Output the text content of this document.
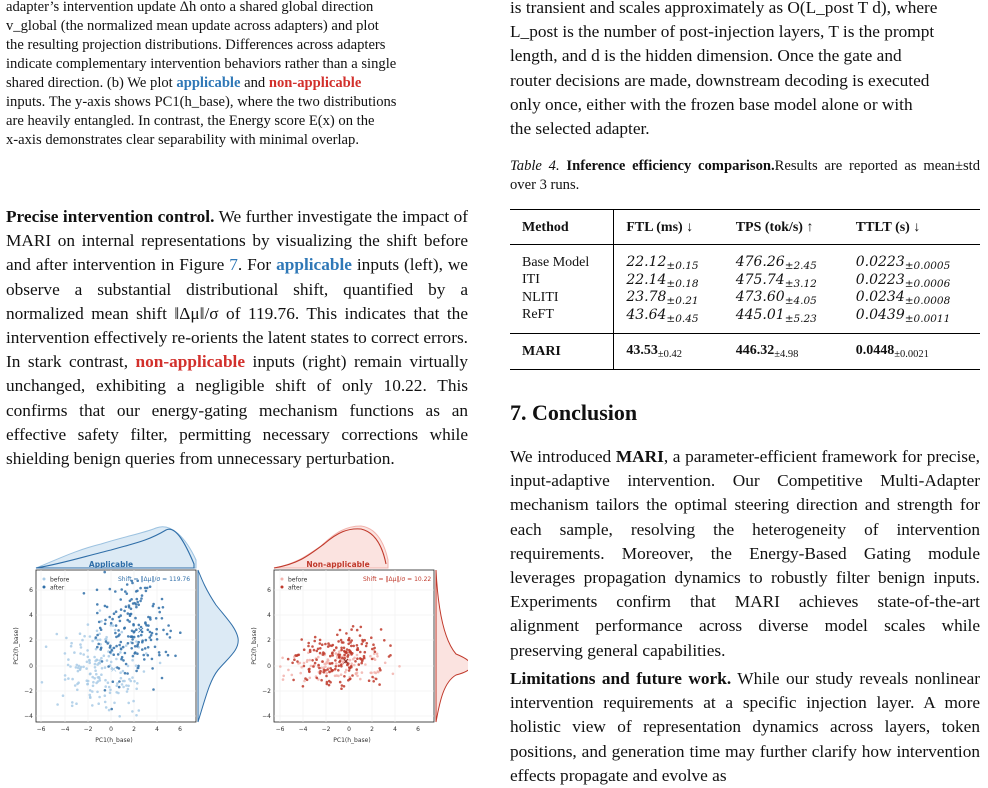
adapter’s intervention update Δh onto a shared global direction

v_global (the normalized mean update across adapters) and plot

the resulting projection distributions. Differences across adapters

indicate complementary intervention behaviors rather than a single

shared direction. (b) We plot applicable and non-applicable

inputs. The y-axis shows PC1(h_base), where the two distributions

are heavily entangled. In contrast, the Energy score E(x) on the

x-axis demonstrates clear separability with minimal overlap.

Precise intervention control. We further investigate the impact of MARI on internal representations by visualizing the shift before and after intervention in Figure 7. For applicable inputs (left), we observe a substantial distributional shift, quantified by a normalized mean shift ‖Δμ‖/σ of 119.76. This indicates that the intervention effectively re-orients the latent states to correct errors. In stark contrast, non-applicable inputs (right) remain virtually unchanged, exhibiting a negligible shift of only 10.22. This confirms that our energy-gating mechanism functions as an effective safety filter, permitting necessary corrections while shielding benign queries from unnecessary perturbation.

Applicable
×
×
before
after
Shift = ‖Δμ‖/σ = 119.76
6
4
2
0
−2
−4
−6	−4 −2	0	2	4	6
PC1(h_base)
PC2(h_base)
Non-applicable
×
before
after
Shift = ‖Δμ‖/σ = 10.22
6
4
2
0
−2
−4
−6 −4 −2	0	2	4	6
PC1(h_base)
PC2(h_base)

is transient and scales approximately as O(L_post T d), where

L_post is the number of post-injection layers, T is the prompt

length, and d is the hidden dimension. Once the gate and

router decisions are made, downstream decoding is executed

only once, either with the frozen base model alone or with

the selected adapter.

Table 4. Inference efficiency comparison.Results are reported as mean±std over 3 runs.

Method	FTL (ms) ↓	TPS (tok/s) ↑	TTLT (s) ↓
Base Model	$22.12_{\pm 0.15}$	$476.26_{\pm 2.45}$	$0.0223_{\pm 0.0005}$
ITI	$22.14_{\pm 0.18}$	$475.74_{\pm 3.12}$	$0.0223_{\pm 0.0006}$
NLITI	$23.78_{\pm 0.21}$	$473.60_{\pm 4.05}$	$0.0234_{\pm 0.0008}$
ReFT	$43.64_{\pm 0.45}$	$445.01_{\pm 5.23}$	$0.0439_{\pm 0.0011}$
MARI	$43.53_{\pm 0.42}$	$446.32_{\pm 4.98}$	$0.0448_{\pm 0.0021}$
7. Conclusion

We introduced MARI, a parameter-efficient framework for precise, input-adaptive intervention. Our Competitive Multi-Adapter mechanism tailors the optimal steering direction and strength for each sample, resolving the heterogeneity of intervention requirements. Moreover, the Energy-Based Gating module leverages propagation dynamics to robustly filter benign inputs. Experiments confirm that MARI achieves state-of-the-art alignment performance across diverse model scales while preserving general capabilities.

Limitations and future work. While our study reveals nonlinear intervention requirements at a specific injection layer. A more holistic view of representation dynamics across layers, token positions, and generation time may further clarify how intervention effects propagate and evolve as
